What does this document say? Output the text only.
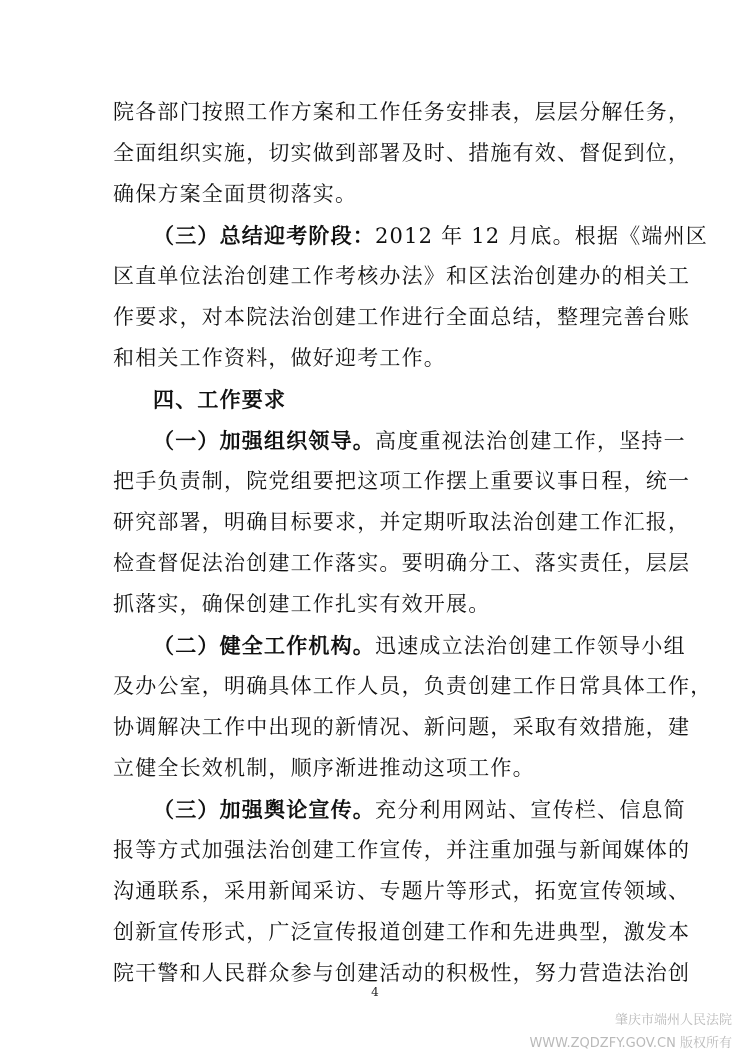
院各部门按照工作方案和工作任务安排表，层层分解任务，
全面组织实施，切实做到部署及时、措施有效、督促到位，
确保方案全面贯彻落实。
（三）总结迎考阶段：2012 年 12 月底。根据《端州区
区直单位法治创建工作考核办法》和区法治创建办的相关工
作要求，对本院法治创建工作进行全面总结，整理完善台账
和相关工作资料，做好迎考工作。
四、工作要求
（一）加强组织领导。高度重视法治创建工作，坚持一
把手负责制，院党组要把这项工作摆上重要议事日程，统一
研究部署，明确目标要求，并定期听取法治创建工作汇报，
检查督促法治创建工作落实。要明确分工、落实责任，层层
抓落实，确保创建工作扎实有效开展。
（二）健全工作机构。迅速成立法治创建工作领导小组
及办公室，明确具体工作人员，负责创建工作日常具体工作，
协调解决工作中出现的新情况、新问题，采取有效措施，建
立健全长效机制，顺序渐进推动这项工作。
（三）加强舆论宣传。充分利用网站、宣传栏、信息简
报等方式加强法治创建工作宣传，并注重加强与新闻媒体的
沟通联系，采用新闻采访、专题片等形式，拓宽宣传领域、
创新宣传形式，广泛宣传报道创建工作和先进典型，激发本
院干警和人民群众参与创建活动的积极性，努力营造法治创
4
肇庆市端州人民法院
WWW.ZQDZFY.GOV.CN 版权所有
